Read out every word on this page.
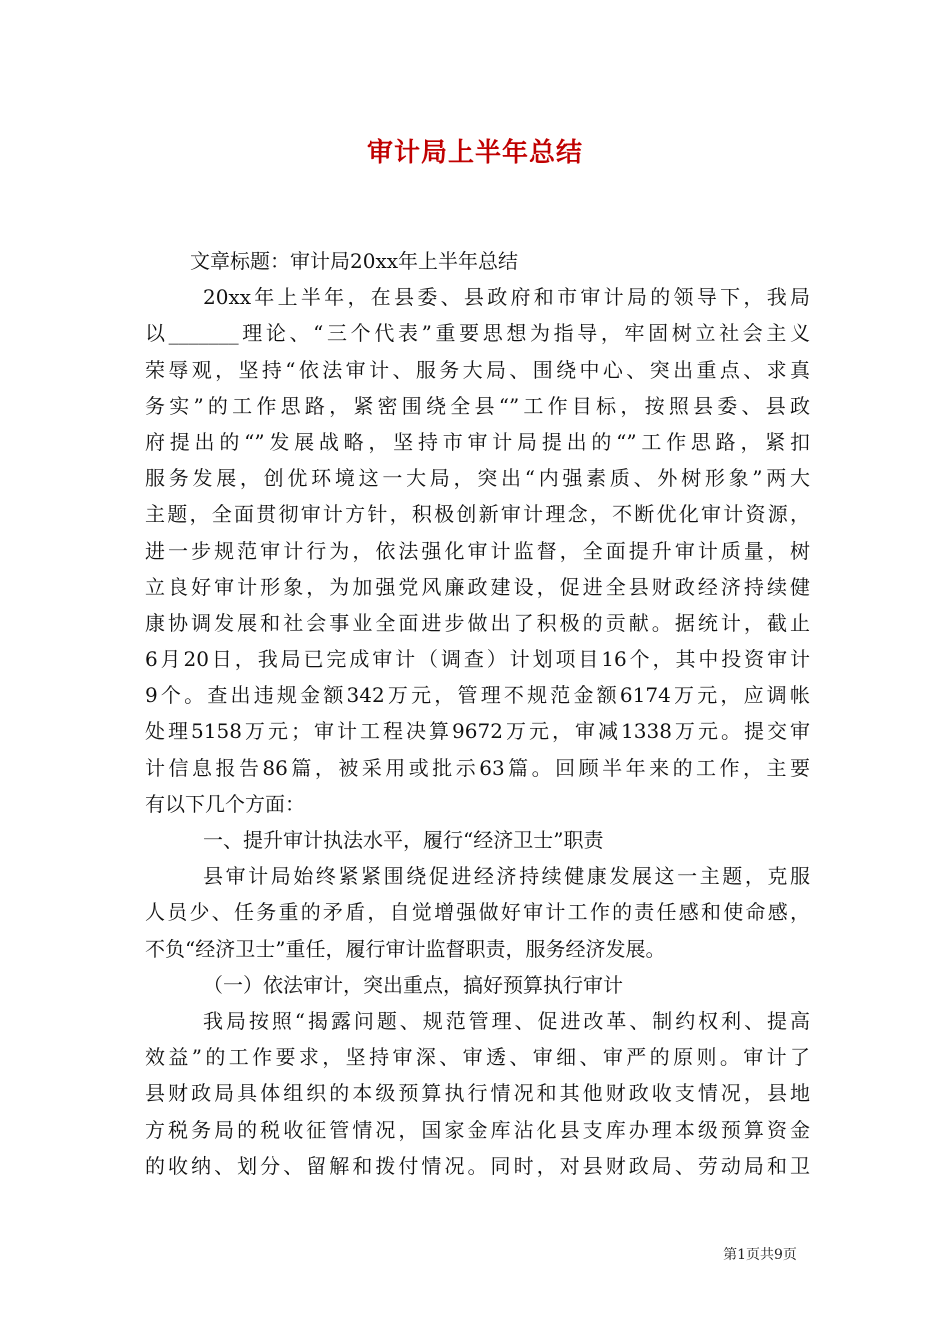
审计局上半年总结
文章标题：审计局20xx年上半年总结
20xx年上半年，在县委、县政府和市审计局的领导下，我局
以_______理论、“三个代表”重要思想为指导，牢固树立社会主义
荣辱观，坚持“依法审计、服务大局、围绕中心、突出重点、求真
务实”的工作思路，紧密围绕全县“”工作目标，按照县委、县政
府提出的“”发展战略，坚持市审计局提出的“”工作思路，紧扣
服务发展，创优环境这一大局，突出“内强素质、外树形象”两大
主题，全面贯彻审计方针，积极创新审计理念，不断优化审计资源，
进一步规范审计行为，依法强化审计监督，全面提升审计质量，树
立良好审计形象，为加强党风廉政建设，促进全县财政经济持续健
康协调发展和社会事业全面进步做出了积极的贡献。据统计，截止
6月20日，我局已完成审计（调查）计划项目16个，其中投资审计
9个。查出违规金额342万元，管理不规范金额6174万元，应调帐
处理5158万元；审计工程决算9672万元，审减1338万元。提交审
计信息报告86篇，被采用或批示63篇。回顾半年来的工作，主要
有以下几个方面：
一、提升审计执法水平，履行“经济卫士”职责
县审计局始终紧紧围绕促进经济持续健康发展这一主题，克服
人员少、任务重的矛盾，自觉增强做好审计工作的责任感和使命感，
不负“经济卫士”重任，履行审计监督职责，服务经济发展。
（一）依法审计，突出重点，搞好预算执行审计
我局按照“揭露问题、规范管理、促进改革、制约权利、提高
效益”的工作要求，坚持审深、审透、审细、审严的原则。审计了
县财政局具体组织的本级预算执行情况和其他财政收支情况，县地
方税务局的税收征管情况，国家金库沾化县支库办理本级预算资金
的收纳、划分、留解和拨付情况。同时，对县财政局、劳动局和卫
第1页共9页
